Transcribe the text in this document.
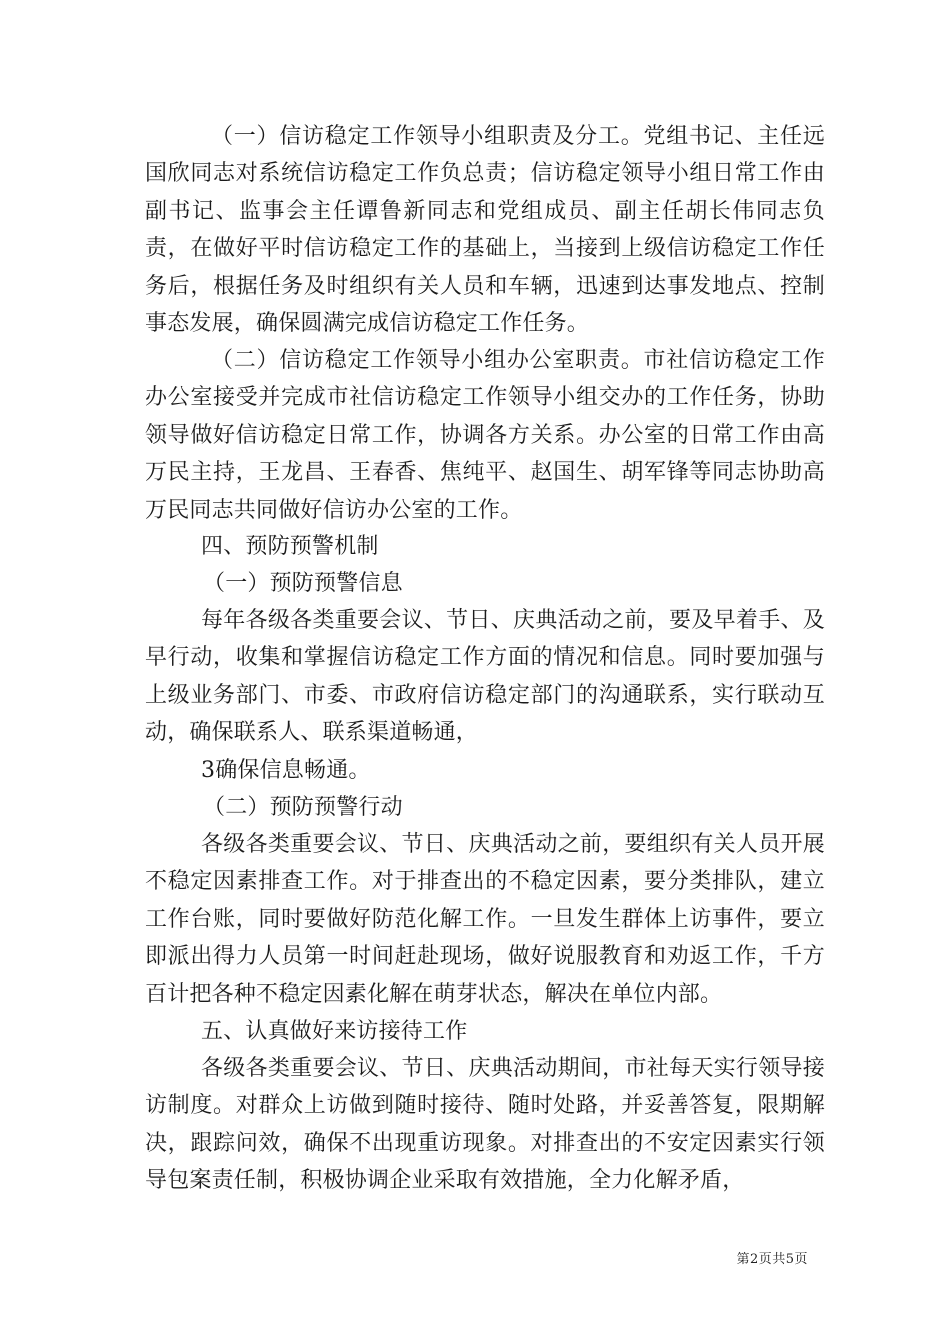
（一）信访稳定工作领导小组职责及分工。党组书记、主任远国欣同志对系统信访稳定工作负总责；信访稳定领导小组日常工作由副书记、监事会主任谭鲁新同志和党组成员、副主任胡长伟同志负责，在做好平时信访稳定工作的基础上，当接到上级信访稳定工作任务后，根据任务及时组织有关人员和车辆，迅速到达事发地点、控制事态发展，确保圆满完成信访稳定工作任务。

（二）信访稳定工作领导小组办公室职责。市社信访稳定工作办公室接受并完成市社信访稳定工作领导小组交办的工作任务，协助领导做好信访稳定日常工作，协调各方关系。办公室的日常工作由高万民主持，王龙昌、王春香、焦纯平、赵国生、胡军锋等同志协助高万民同志共同做好信访办公室的工作。

四、预防预警机制

（一）预防预警信息

每年各级各类重要会议、节日、庆典活动之前，要及早着手、及早行动，收集和掌握信访稳定工作方面的情况和信息。同时要加强与上级业务部门、市委、市政府信访稳定部门的沟通联系，实行联动互动，确保联系人、联系渠道畅通，

3确保信息畅通。

（二）预防预警行动

各级各类重要会议、节日、庆典活动之前，要组织有关人员开展不稳定因素排查工作。对于排查出的不稳定因素，要分类排队，建立工作台账，同时要做好防范化解工作。一旦发生群体上访事件，要立即派出得力人员第一时间赶赴现场，做好说服教育和劝返工作，千方百计把各种不稳定因素化解在萌芽状态，解决在单位内部。

五、认真做好来访接待工作

各级各类重要会议、节日、庆典活动期间，市社每天实行领导接访制度。对群众上访做到随时接待、随时处路，并妥善答复，限期解决，跟踪问效，确保不出现重访现象。对排查出的不安定因素实行领导包案责任制，积极协调企业采取有效措施，全力化解矛盾，

第2页共5页
